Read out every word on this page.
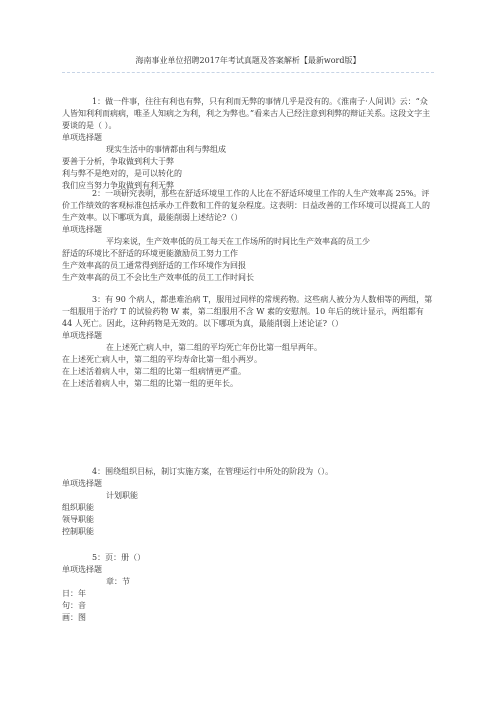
海南事业单位招聘2017年考试真题及答案解析【最新word版】

1：做一件事，往往有利也有弊，只有利而无弊的事情几乎是没有的。《淮南子·人间训》云：“众人皆知利利而病病，唯圣人知病之为利，利之为弊也。”看来古人已经注意到利弊的辩证关系。这段文字主要谈的是（ ）。

单项选择题

现实生活中的事情都由利与弊组成

要善于分析，争取做到利大于弊

利与弊不是绝对的，是可以转化的

我们应当努力争取做到有利无弊

2：一项研究表明，那些在舒适环境里工作的人比在不舒适环境里工作的人生产效率高 25%。评价工作绩效的客观标准包括承办工件数和工件的复杂程度。这表明：日益改善的工作环境可以提高工人的生产效率。以下哪项为真，最能削弱上述结论?（）

单项选择题

平均来说，生产效率低的员工每天在工作场所的时间比生产效率高的员工少

舒适的环境比不舒适的环境更能激励员工努力工作

生产效率高的员工通常得到舒适的工作环境作为回报

生产效率高的员工不会比生产效率低的员工工作时间长

3：有 90 个病人，都患难治病 T，服用过同样的常规药物。这些病人被分为人数相等的两组，第一组服用于治疗 T 的试验药物 W 素，第二组服用不含 W 素的安慰剂。10 年后的统计显示，两组都有 44 人死亡。因此，这种药物是无效的。以下哪项为真，最能削弱上述论证?（）

单项选择题

在上述死亡病人中，第二组的平均死亡年份比第一组早两年。

在上述死亡病人中，第二组的平均寿命比第一组小两岁。

在上述活着病人中，第二组的比第一组病情更严重。

在上述活着病人中，第二组的比第一组的更年长。

4：围绕组织目标，制订实施方案，在管理运行中所处的阶段为（）。

单项选择题

计划职能

组织职能

领导职能

控制职能

5：页：册（）

单项选择题

章：节

日：年

句：音

画：图
